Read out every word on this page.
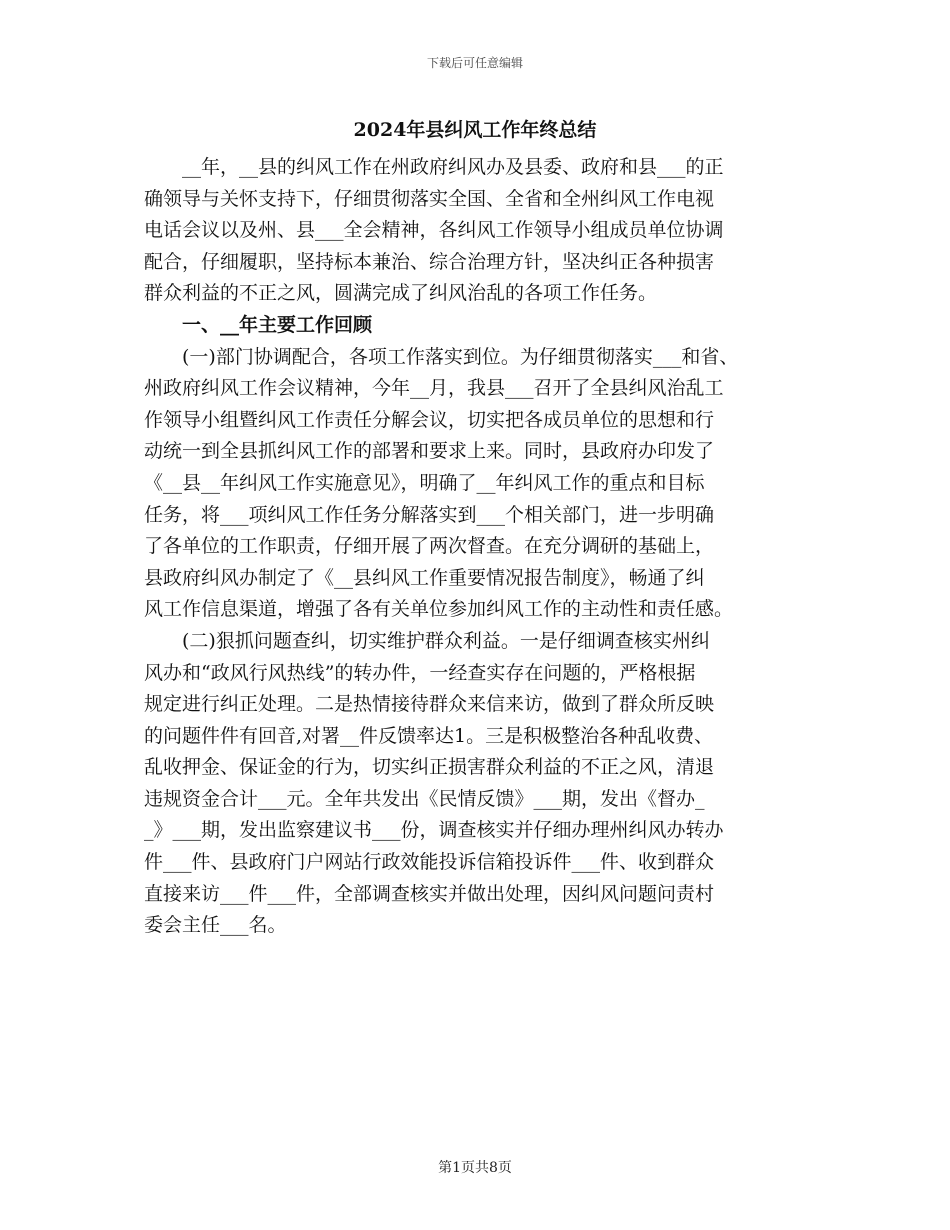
下载后可任意编辑
2024年县纠风工作年终总结
　　__年，__县的纠风工作在州政府纠风办及县委、政府和县___的正
确领导与关怀支持下，仔细贯彻落实全国、全省和全州纠风工作电视
电话会议以及州、县___全会精神，各纠风工作领导小组成员单位协调
配合，仔细履职，坚持标本兼治、综合治理方针，坚决纠正各种损害
群众利益的不正之风，圆满完成了纠风治乱的各项工作任务。
　　一、__年主要工作回顾
　　(一)部门协调配合，各项工作落实到位。为仔细贯彻落实___和省、
州政府纠风工作会议精神，今年__月，我县___召开了全县纠风治乱工
作领导小组暨纠风工作责任分解会议，切实把各成员单位的思想和行
动统一到全县抓纠风工作的部署和要求上来。同时，县政府办印发了
《__县__年纠风工作实施意见》，明确了__年纠风工作的重点和目标
任务，将___项纠风工作任务分解落实到___个相关部门，进一步明确
了各单位的工作职责，仔细开展了两次督查。在充分调研的基础上，
县政府纠风办制定了《__县纠风工作重要情况报告制度》，畅通了纠
风工作信息渠道，增强了各有关单位参加纠风工作的主动性和责任感。
　　(二)狠抓问题查纠，切实维护群众利益。一是仔细调查核实州纠
风办和“政风行风热线”的转办件，一经查实存在问题的，严格根据
规定进行纠正处理。二是热情接待群众来信来访，做到了群众所反映
的问题件件有回音,对署__件反馈率达1。三是积极整治各种乱收费、
乱收押金、保证金的行为，切实纠正损害群众利益的不正之风，清退
违规资金合计___元。全年共发出《民情反馈》___期，发出《督办_
_》___期，发出监察建议书___份，调查核实并仔细办理州纠风办转办
件___件、县政府门户网站行政效能投诉信箱投诉件___件、收到群众
直接来访___件___件，全部调查核实并做出处理，因纠风问题问责村
委会主任___名。
第1页共8页
